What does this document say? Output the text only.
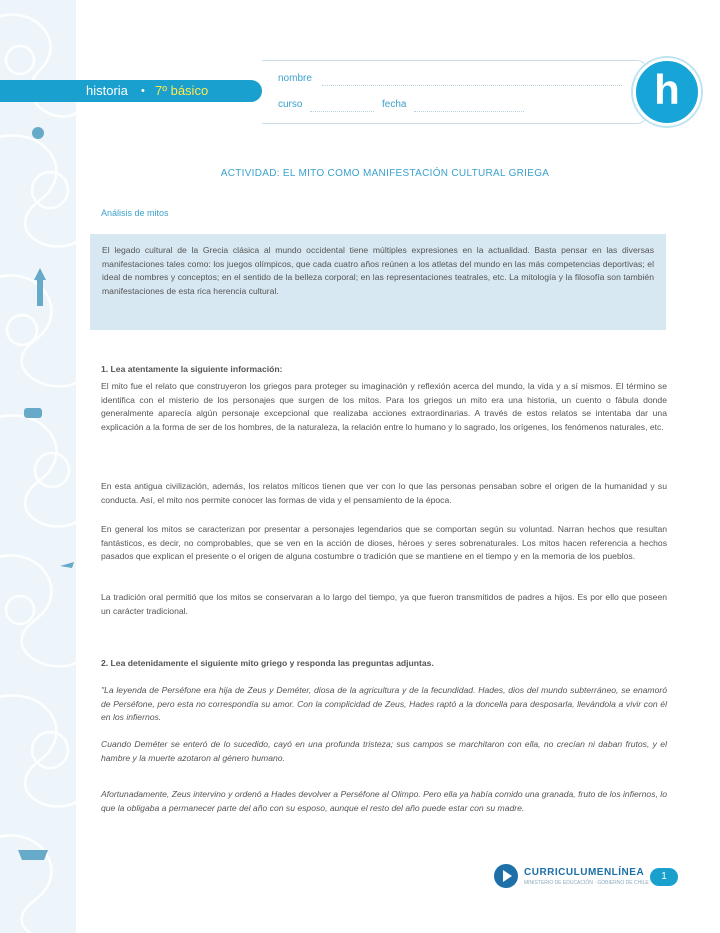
historia • 7º básico
nombre
curso	fecha	h
ACTIVIDAD: EL MITO COMO MANIFESTACIÓN CULTURAL GRIEGA
Análisis de mitos

El legado cultural de la Grecia clásica al mundo occidental tiene múltiples expresiones en la actualidad. Basta pensar en las diversas manifestaciones tales como: los juegos olímpicos, que cada cuatro años reúnen a los atletas del mundo en las más competencias deportivas; el ideal de nombres y conceptos; en el sentido de la belleza corporal; en las representaciones teatrales, etc. La mitología y la filosofía son también manifestaciones de esta rica herencia cultural.

1. Lea atentamente la siguiente información:

El mito fue el relato que construyeron los griegos para proteger su imaginación y reflexión acerca del mundo, la vida y a sí mismos. El término se identifica con el misterio de los personajes que surgen de los mitos. Para los griegos un mito era una historia, un cuento o fábula donde generalmente aparecía algún personaje excepcional que realizaba acciones extraordinarias. A través de estos relatos se intentaba dar una explicación a la forma de ser de los hombres, de la naturaleza, la relación entre lo humano y lo sagrado, los orígenes, los fenómenos naturales, etc.

En esta antigua civilización, además, los relatos míticos tienen que ver con lo que las personas pensaban sobre el origen de la humanidad y su conducta. Así, el mito nos permite conocer las formas de vida y el pensamiento de la época.

En general los mitos se caracterizan por presentar a personajes legendarios que se comportan según su voluntad. Narran hechos que resultan fantásticos, es decir, no comprobables, que se ven en la acción de dioses, héroes y seres sobrenaturales. Los mitos hacen referencia a hechos pasados que explican el presente o el origen de alguna costumbre o tradición que se mantiene en el tiempo y en la memoria de los pueblos.

La tradición oral permitió que los mitos se conservaran a lo largo del tiempo, ya que fueron transmitidos de padres a hijos. Es por ello que poseen un carácter tradicional.

2. Lea detenidamente el siguiente mito griego y responda las preguntas adjuntas.

"La leyenda de Perséfone era hija de Zeus y Deméter, diosa de la agricultura y de la fecundidad. Hades, dios del mundo subterráneo, se enamoró de Perséfone, pero esta no correspondía su amor. Con la complicidad de Zeus, Hades raptó a la doncella para desposarla, llevándola a vivir con él en los infiernos.

Cuando Deméter se enteró de lo sucedido, cayó en una profunda tristeza; sus campos se marchitaron con ella, no crecían ni daban frutos, y el hambre y la muerte azotaron al género humano.

Afortunadamente, Zeus intervino y ordenó a Hades devolver a Perséfone al Olimpo. Pero ella ya había comido una granada, fruto de los infiernos, lo que la obligaba a permanecer parte del año con su esposo, aunque el resto del año puede estar con su madre.

CURRICULUMENLÍNEA
MINISTERIO DE EDUCACIÓN · GOBIERNO DE CHILE
1
